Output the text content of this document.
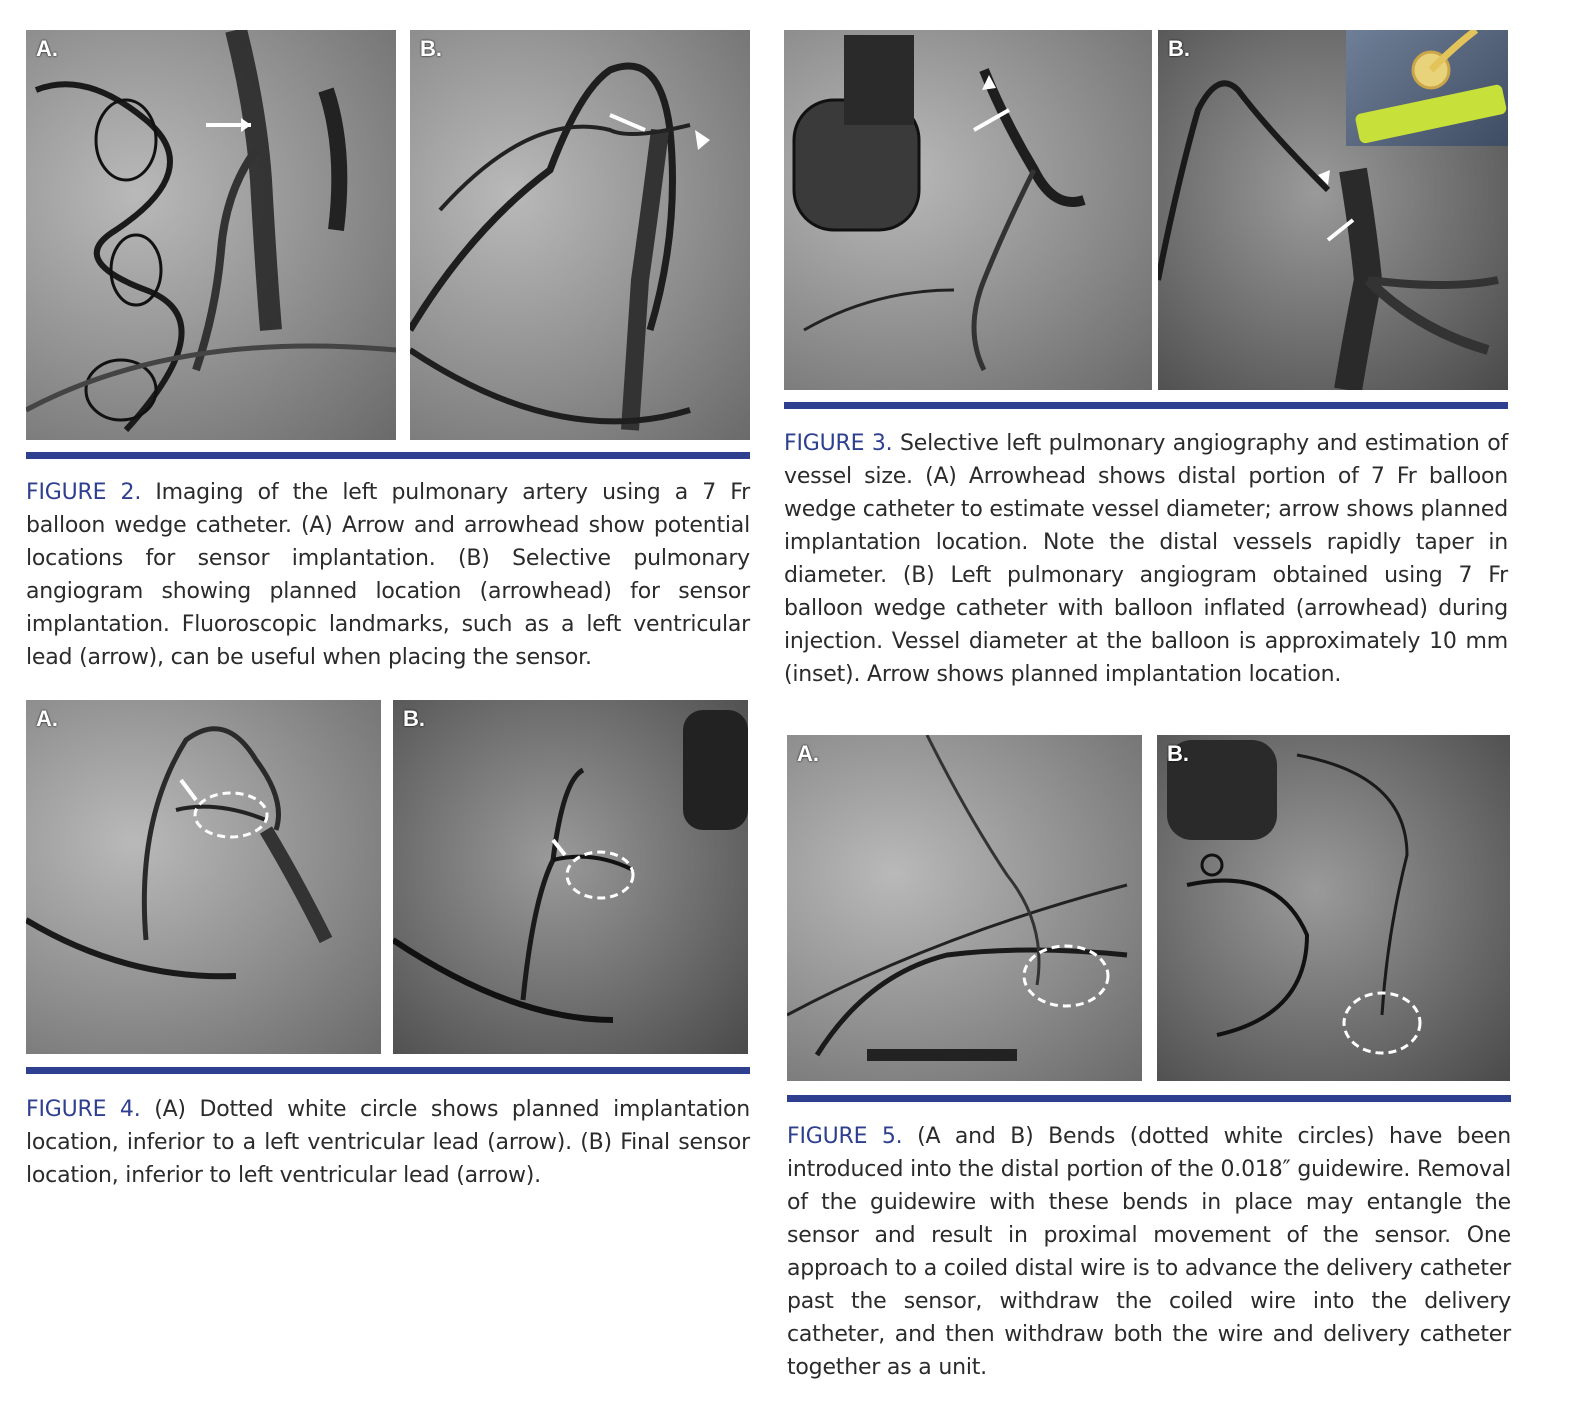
A.	B.
FIGURE 2. Imaging of the left pulmonary artery using a 7 Fr balloon wedge catheter. (A) Arrow and arrowhead show potential locations for sensor implantation. (B) Selective pulmonary angiogram showing planned location (arrowhead) for sensor implantation. Fluoroscopic landmarks, such as a left ventricular lead (arrow), can be useful when placing the sensor.
B.
FIGURE 3. Selective left pulmonary angiography and estimation of vessel size. (A) Arrowhead shows distal portion of 7 Fr balloon wedge catheter to estimate vessel diameter; arrow shows planned implantation location. Note the distal vessels rapidly taper in diameter. (B) Left pulmonary angiogram obtained using 7 Fr balloon wedge catheter with balloon inflated (arrowhead) during injection. Vessel diameter at the balloon is approximately 10 mm (inset). Arrow shows planned implantation location.
A.	B.
FIGURE 4. (A) Dotted white circle shows planned implantation location, inferior to a left ventricular lead (arrow). (B) Final sensor location, inferior to left ventricular lead (arrow).
A.	B.
FIGURE 5. (A and B) Bends (dotted white circles) have been introduced into the distal portion of the 0.018″ guidewire. Removal of the guidewire with these bends in place may entangle the sensor and result in proximal movement of the sensor. One approach to a coiled distal wire is to advance the delivery catheter past the sensor, withdraw the coiled wire into the delivery catheter, and then withdraw both the wire and delivery catheter together as a unit.
